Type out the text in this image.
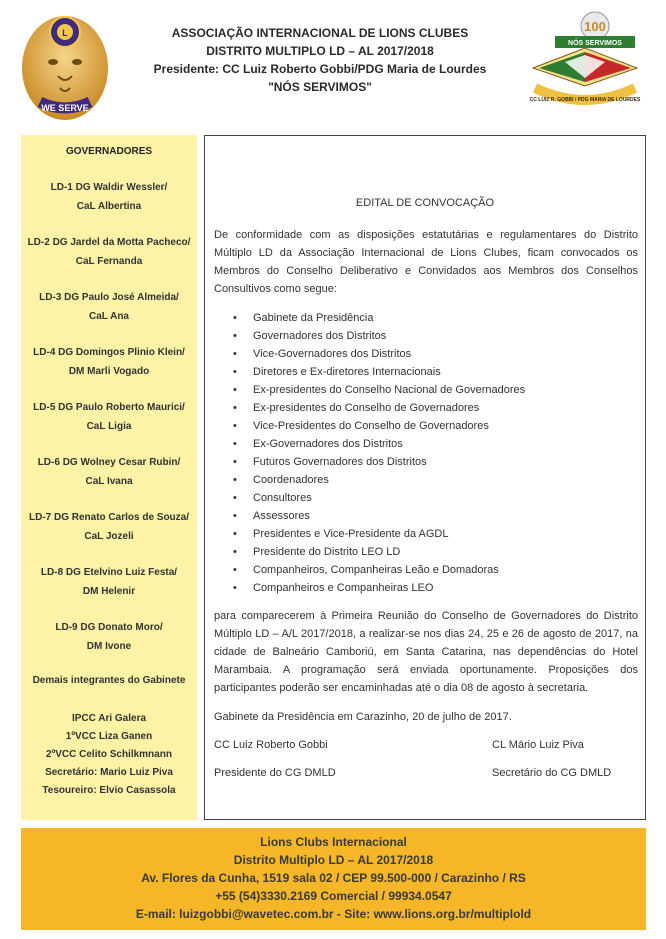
L
WE SERVE
ASSOCIAÇÃO INTERNACIONAL DE LIONS CLUBES
DISTRITO MULTIPLO LD – AL 2017/2018
Presidente: CC Luiz Roberto Gobbi/PDG Maria de Lourdes
"NÓS SERVIMOS"
100
NÓS SERVIMOS
CC LUIZ R. GOBBI / PDG MARIA DE LOURDES
GOVERNADORES
LD-1 DG Waldir Wessler/
CaL Albertina
LD-2 DG Jardel da Motta Pacheco/
CaL Fernanda
LD-3 DG Paulo José Almeida/
CaL Ana
LD-4 DG Domingos Plinio Klein/
DM Marli Vogado
LD-5 DG Paulo Roberto Maurici/
CaL Ligia
LD-6 DG Wolney Cesar Rubin/
CaL Ivana
LD-7 DG Renato Carlos de Souza/
CaL Jozeli
LD-8 DG Etelvino Luiz Festa/
DM Helenir
LD-9 DG Donato Moro/
DM Ivone
Demais integrantes do Gabinete
IPCC Ari Galera
1ºVCC Liza Ganen
2ºVCC Celito Schilkmnann
Secretário: Mario Luiz Piva
Tesoureiro: Elvio Casassola
EDITAL DE CONVOCAÇÃO

De conformidade com as disposições estatutárias e regulamentares do Distrito Múltiplo LD da Associação Internacional de Lions Clubes, ficam convocados os Membros do Conselho Deliberativo e Convidados aos Membros dos Conselhos Consultivos como segue:

• Gabinete da Presidência
• Governadores dos Distritos
• Vice-Governadores dos Distritos
• Diretores e Ex-diretores Internacionais
• Ex-presidentes do Conselho Nacional de Governadores
• Ex-presidentes do Conselho de Governadores
• Vice-Presidentes do Conselho de Governadores
• Ex-Governadores dos Distritos
• Futuros Governadores dos Distritos
• Coordenadores
• Consultores
• Assessores
• Presidentes e Vice-Presidente da AGDL
• Presidente do Distrito LEO LD
• Companheiros, Companheiras Leão e Domadoras
• Companheiros e Companheiras LEO

para comparecerem à Primeira Reunião do Conselho de Governadores do Distrito Múltiplo LD – A/L 2017/2018, a realizar-se nos dias 24, 25 e 26 de agosto de 2017, na cidade de Balneário Camboriú, em Santa Catarina, nas dependências do Hotel Marambaia. A programação será enviada oportunamente. Proposições dos participantes poderão ser encaminhadas até o dia 08 de agosto à secretaria.

Gabinete da Presidência em Carazinho, 20 de julho de 2017.
CC Luiz Roberto Gobbi	CL Mário Luiz Piva
Presidente do CG DMLD	Secretário do CG DMLD
Lions Clubs Internacional
Distrito Multiplo LD – AL 2017/2018
Av. Flores da Cunha, 1519 sala 02 / CEP 99.500-000 / Carazinho / RS
+55 (54)3330.2169 Comercial / 99934.0547
E-mail: luizgobbi@wavetec.com.br - Site: www.lions.org.br/multiplold
